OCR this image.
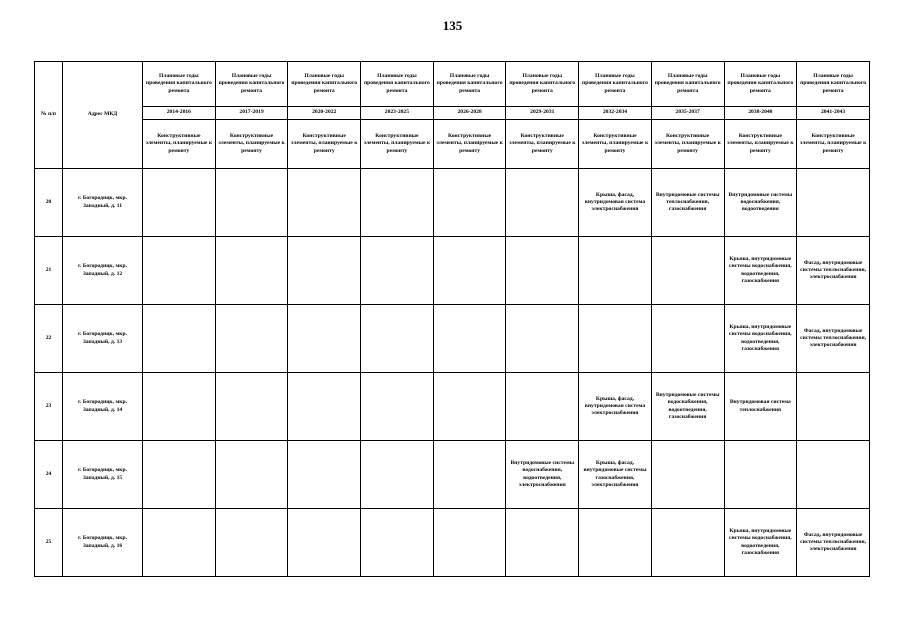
135
№ п/п	Адрес МКД	Плановые годы проведения капитального ремонта	Плановые годы проведения капитального ремонта	Плановые годы проведения капитального ремонта	Плановые годы проведения капитального ремонта	Плановые годы проведения капитального ремонта	Плановые годы проведения капитального ремонта	Плановые годы проведения капитального ремонта	Плановые годы проведения капитального ремонта	Плановые годы проведения капитального ремонта	Плановые годы проведения капитального ремонта
		2014-2016	2017-2019	2020-2022	2023-2025	2026-2028	2029-2031	2032-2034	2035-2037	2038-2040	2041-2043
		Конструктивные элементы, планируемые к ремонту	Конструктивные элементы, планируемые к ремонту	Конструктивные элементы, планируемые к ремонту	Конструктивные элементы, планируемые к ремонту	Конструктивные элементы, планируемые к ремонту	Конструктивные элементы, планируемые к ремонту	Конструктивные элементы, планируемые к ремонту	Конструктивные элементы, планируемые к ремонту	Конструктивные элементы, планируемые к ремонту	Конструктивные элементы, планируемые к ремонту
20	г. Богородицк, мкр. Западный, д. 11							Крыша, фасад, внутридомовая система электроснабжения	Внутридомовые системы теплоснабжения, газоснабжения	Внутридомовые системы водоснабжения, водоотведения	
21	г. Богородицк, мкр. Западный, д. 12									Крыша, внутридомовые системы водоснабжения, водоотведения, газоснабжения	Фасад, внутридомовые системы теплоснабжения, электроснабжения
22	г. Богородицк, мкр. Западный, д. 13									Крыша, внутридомовые системы водоснабжения, водоотведения, газоснабжения	Фасад, внутридомовые системы теплоснабжения, электроснабжения
23	г. Богородицк, мкр. Западный, д. 14							Крыша, фасад, внутридомовая система электроснабжения	Внутридомовые системы водоснабжения, водоотведения, газоснабжения	Внутридомовая система теплоснабжения	
24	г. Богородицк, мкр. Западный, д. 15						Внутридомовые системы водоснабжения, водоотведения, электроснабжения	Крыша, фасад, внутридомовые системы газоснабжения, электроснабжения			
25	г. Богородицк, мкр. Западный, д. 16									Крыша, внутридомовые системы водоснабжения, водоотведения, газоснабжения	Фасад, внутридомовые системы теплоснабжения, электроснабжения
